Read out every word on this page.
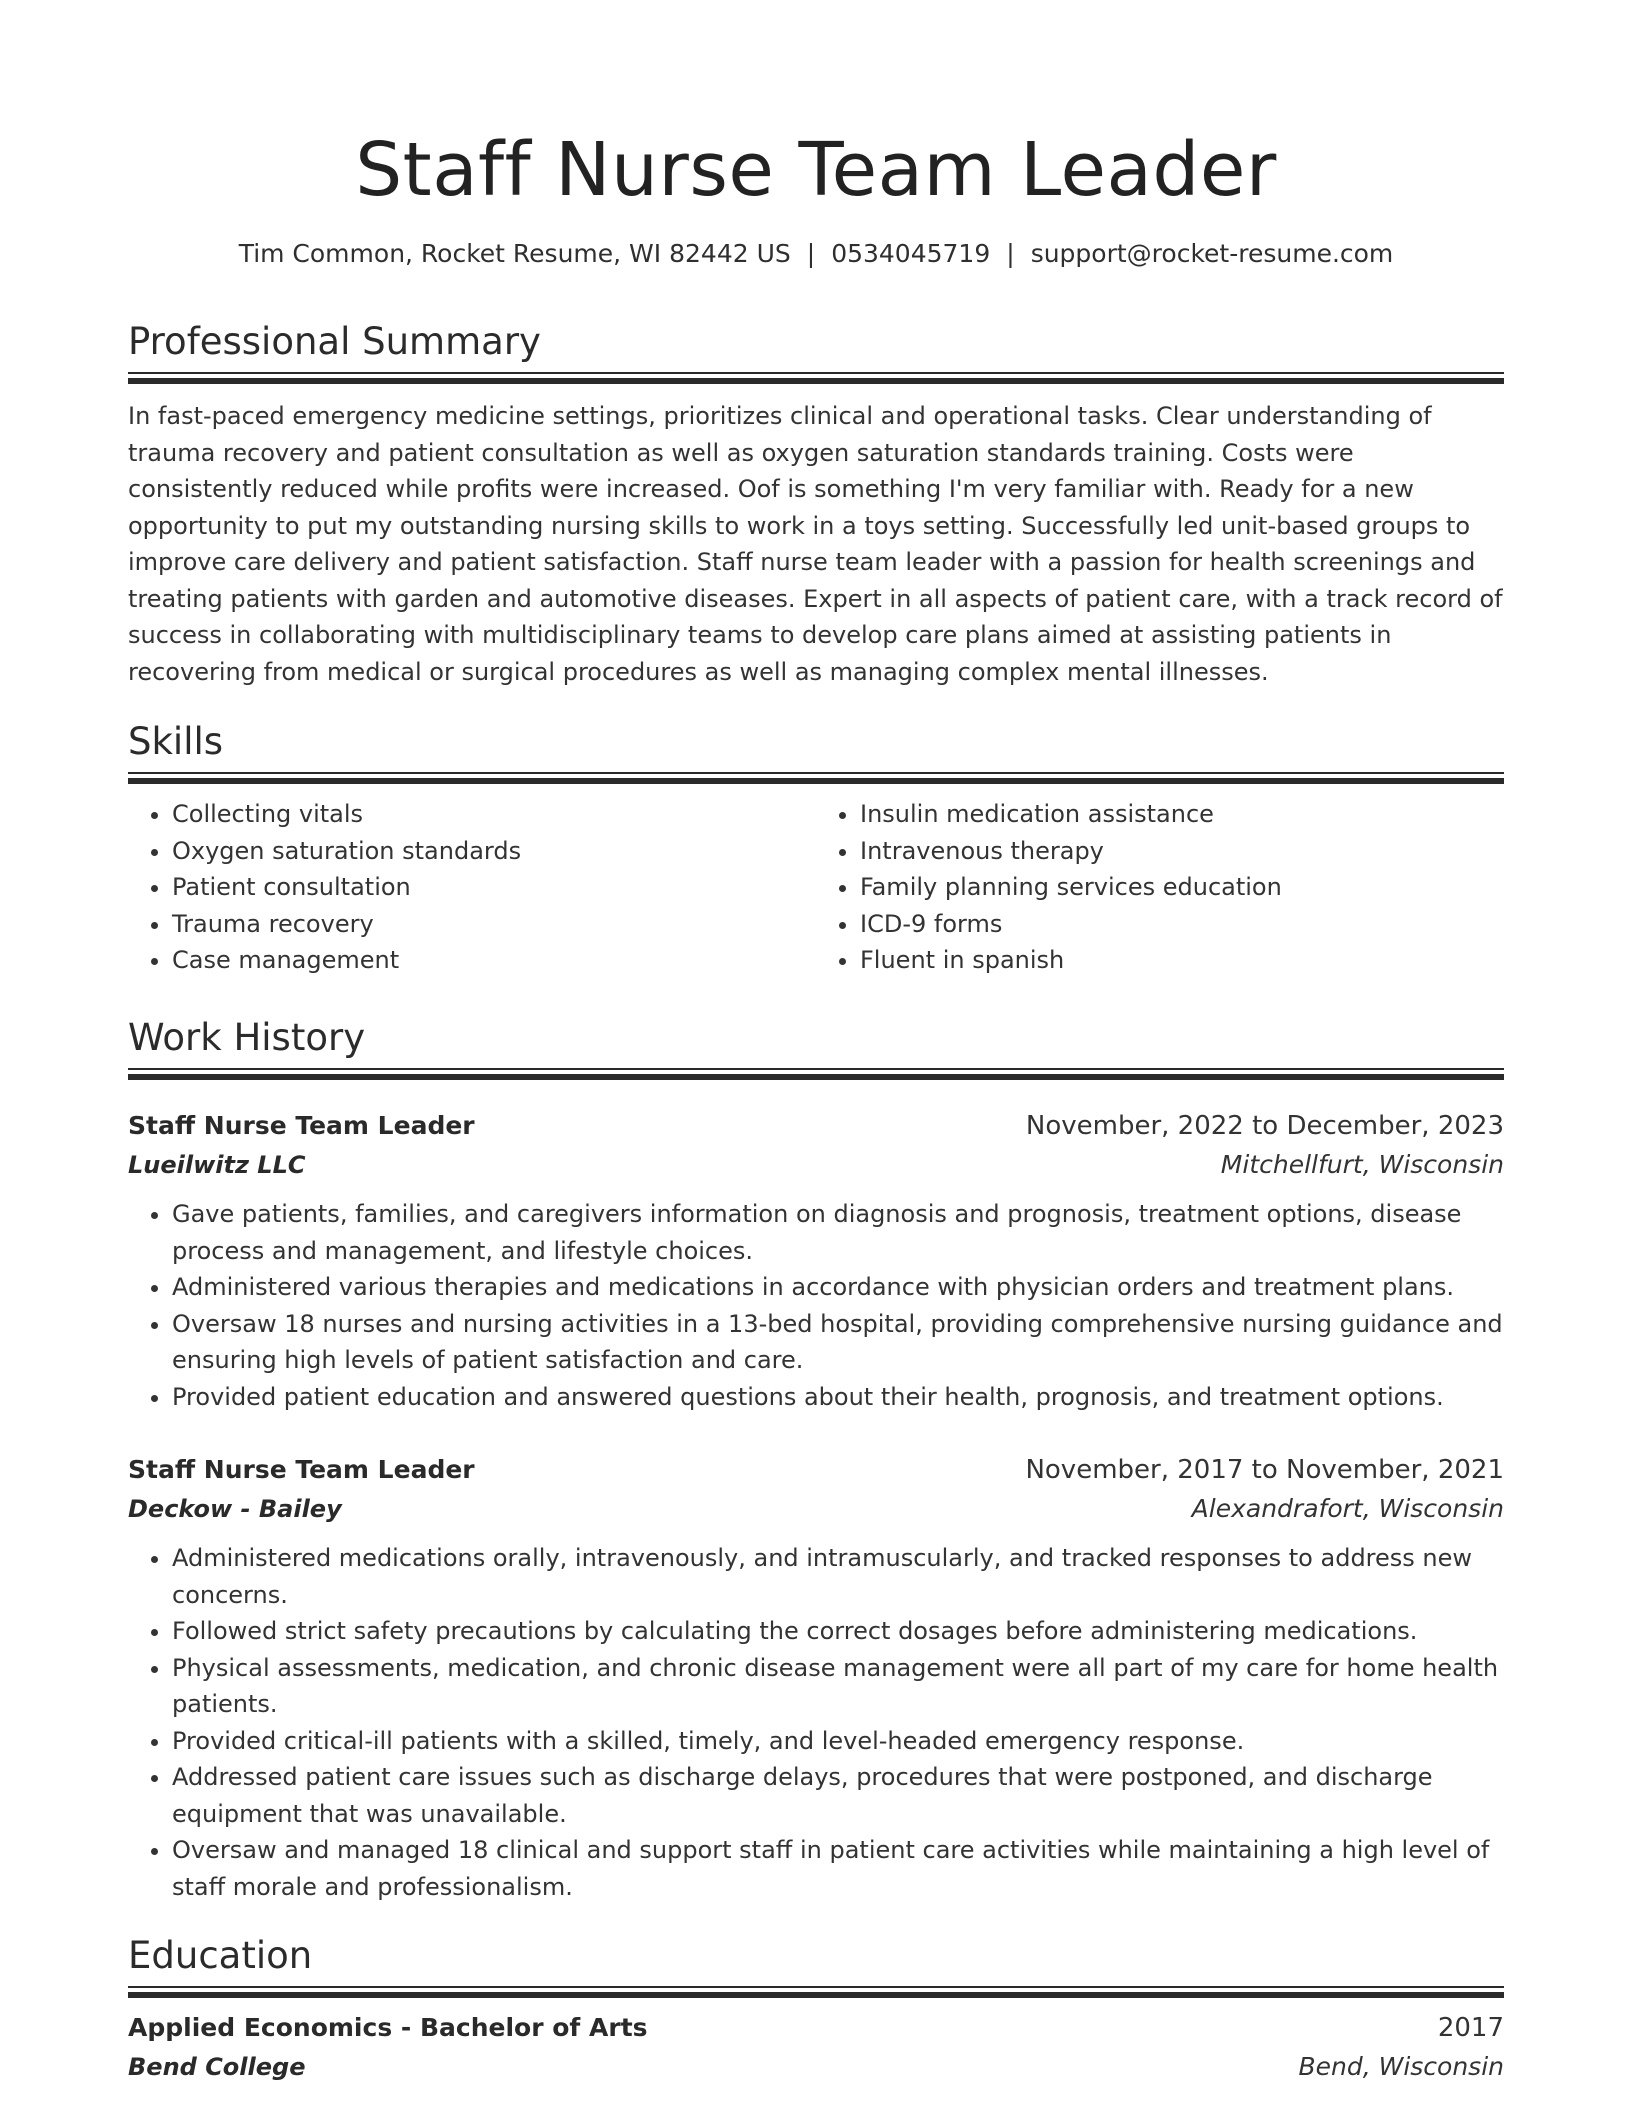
Staff Nurse Team Leader
Tim Common, Rocket Resume, WI 82442 US | 0534045719 | support@rocket-resume.com
Professional Summary

In fast-paced emergency medicine settings, prioritizes clinical and operational tasks. Clear understanding of trauma recovery and patient consultation as well as oxygen saturation standards training. Costs were consistently reduced while profits were increased. Oof is something I'm very familiar with. Ready for a new opportunity to put my outstanding nursing skills to work in a toys setting. Successfully led unit-based groups to improve care delivery and patient satisfaction. Staff nurse team leader with a passion for health screenings and treating patients with garden and automotive diseases. Expert in all aspects of patient care, with a track record of success in collaborating with multidisciplinary teams to develop care plans aimed at assisting patients in recovering from medical or surgical procedures as well as managing complex mental illnesses.

Skills
• Collecting vitals
• Oxygen saturation standards
• Patient consultation
• Trauma recovery
• Case management
• Insulin medication assistance
• Intravenous therapy
• Family planning services education
• ICD-9 forms
• Fluent in spanish
Work History
Staff Nurse Team Leader	November, 2022 to December, 2023
Lueilwitz LLC	Mitchellfurt, Wisconsin
• Gave patients, families, and caregivers information on diagnosis and prognosis, treatment options, disease process and management, and lifestyle choices.
• Administered various therapies and medications in accordance with physician orders and treatment plans.
• Oversaw 18 nurses and nursing activities in a 13-bed hospital, providing comprehensive nursing guidance and ensuring high levels of patient satisfaction and care.
• Provided patient education and answered questions about their health, prognosis, and treatment options.
Staff Nurse Team Leader	November, 2017 to November, 2021
Deckow - Bailey	Alexandrafort, Wisconsin
• Administered medications orally, intravenously, and intramuscularly, and tracked responses to address new concerns.
• Followed strict safety precautions by calculating the correct dosages before administering medications.
• Physical assessments, medication, and chronic disease management were all part of my care for home health patients.
• Provided critical-ill patients with a skilled, timely, and level-headed emergency response.
• Addressed patient care issues such as discharge delays, procedures that were postponed, and discharge equipment that was unavailable.
• Oversaw and managed 18 clinical and support staff in patient care activities while maintaining a high level of staff morale and professionalism.
Education
Applied Economics - Bachelor of Arts	2017
Bend College	Bend, Wisconsin
